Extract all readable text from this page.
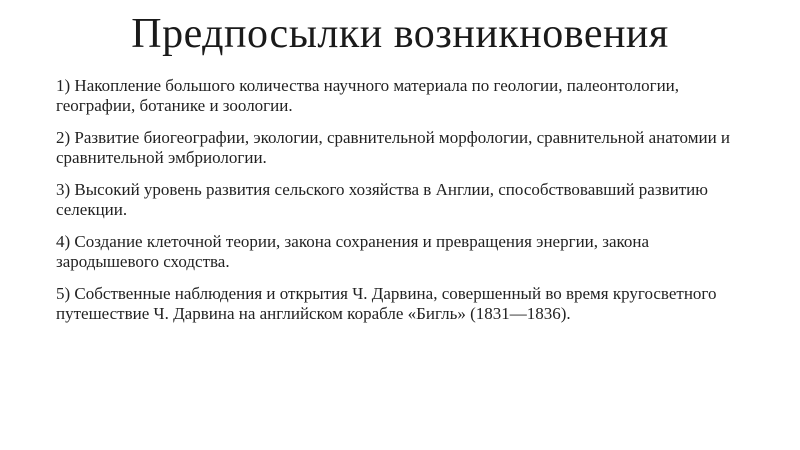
Предпосылки возникновения

1) Накопление большого количества научного материала по геологии, палеонтологии, географии, ботанике и зоологии.

2) Развитие биогеографии, экологии, сравнительной морфологии, сравнительной анатомии и сравнительной эмбриологии.

3) Высокий уровень развития сельского хозяйства в Англии, способствовавший развитию селекции.

4) Создание клеточной теории, закона сохранения и превращения энергии, закона зародышевого сходства.

5) Собственные наблюдения и открытия Ч. Дарвина, совершенный во время кругосветного путешествие Ч. Дарвина на английском корабле «Бигль» (1831—1836).
